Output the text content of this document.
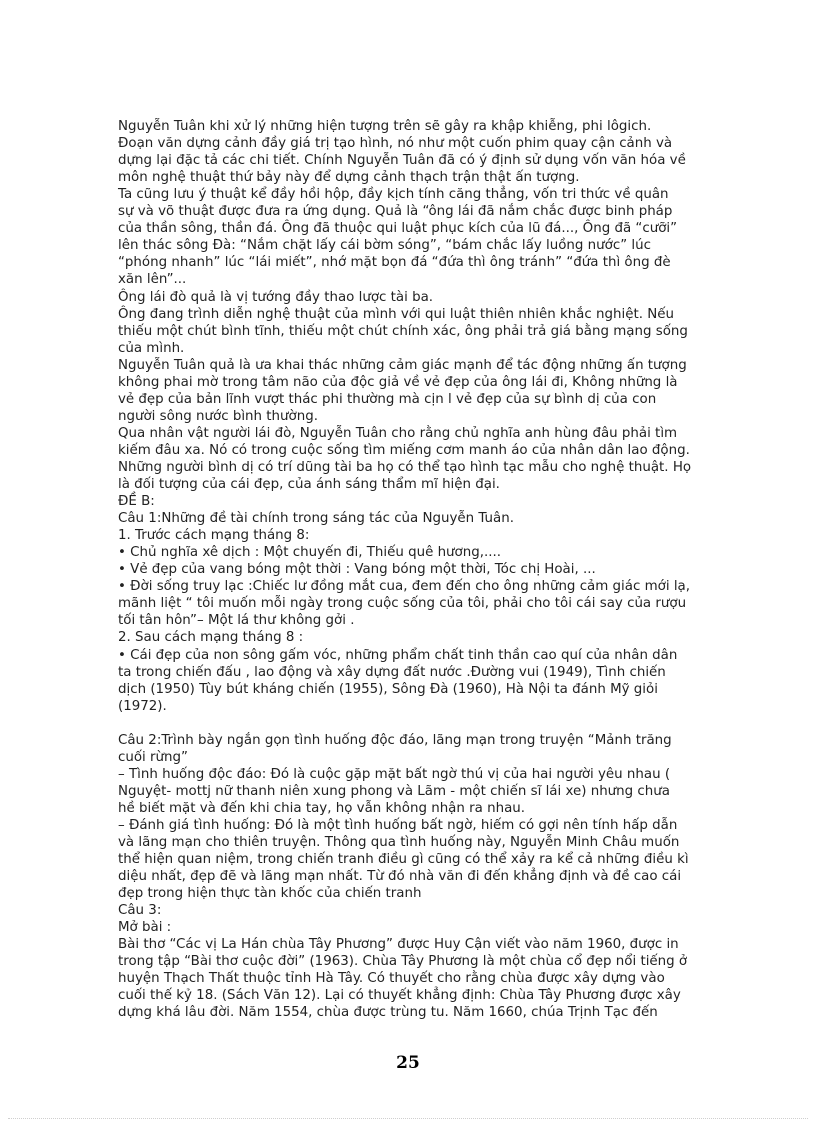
Nguyễn Tuân khi xử lý những hiện tượng trên sẽ gây ra khập khiễng, phi lôgich.
Đoạn văn dựng cảnh đầy giá trị tạo hình, nó như một cuốn phim quay cận cảnh và
dựng lại đặc tả các chi tiết. Chính Nguyễn Tuân đã có ý định sử dụng vốn văn hóa về
môn nghệ thuật thứ bảy này để dựng cảnh thạch trận thật ấn tượng.
Ta cũng lưu ý thuật kể đầy hồi hộp, đầy kịch tính căng thẳng, vốn tri thức về quân
sự và võ thuật được đưa ra ứng dụng. Quả là “ông lái đã nắm chắc được binh pháp
của thần sông, thần đá. Ông đã thuộc qui luật phục kích của lũ đá..., Ông đã “cưỡi”
lên thác sông Đà: “Nắm chặt lấy cái bờm sóng”, “bám chắc lấy luồng nước” lúc
“phóng nhanh” lúc “lái miết”, nhớ mặt bọn đá “đứa thì ông tránh” “đứa thì ông đè
xăn lên”...
Ông lái đò quả là vị tướng đầy thao lược tài ba.
Ông đang trình diễn nghệ thuật của mình với qui luật thiên nhiên khắc nghiệt. Nếu
thiếu một chút bình tĩnh, thiếu một chút chính xác, ông phải trả giá bằng mạng sống
của mình.
Nguyễn Tuân quả là ưa khai thác những cảm giác mạnh để tác động những ấn tượng
không phai mờ trong tâm não của độc giả về vẻ đẹp của ông lái đi, Không những là
vẻ đẹp của bản lĩnh vượt thác phi thường mà cịn l vẻ đẹp của sự bình dị của con
người sông nước bình thường.
Qua nhân vật người lái đò, Nguyễn Tuân cho rằng chủ nghĩa anh hùng đâu phải tìm
kiếm đâu xa. Nó có trong cuộc sống tìm miếng cơm manh áo của nhân dân lao động.
Những người bình dị có trí dũng tài ba họ có thể tạo hình tạc mẫu cho nghệ thuật. Họ
là đối tượng của cái đẹp, của ánh sáng thẩm mĩ hiện đại.
ĐỀ B:
Câu 1:Những đề tài chính trong sáng tác của Nguyễn Tuân.
1. Trước cách mạng tháng 8:
• Chủ nghĩa xê dịch : Một chuyến đi, Thiếu quê hương,....
• Vẻ đẹp của vang bóng một thời : Vang bóng một thời, Tóc chị Hoài, ...
• Đời sống truy lạc :Chiếc lư đồng mắt cua, đem đến cho ông những cảm giác mới lạ,
mãnh liệt “ tôi muốn mỗi ngày trong cuộc sống của tôi, phải cho tôi cái say của rượu
tối tân hôn”– Một lá thư không gởi .
2. Sau cách mạng tháng 8 :
• Cái đẹp của non sông gấm vóc, những phẩm chất tinh thần cao quí của nhân dân
ta trong chiến đấu , lao động và xây dựng đất nước .Đường vui (1949), Tình chiến
dịch (1950) Tùy bút kháng chiến (1955), Sông Đà (1960), Hà Nội ta đánh Mỹ giỏi
(1972).
Câu 2:Trình bày ngắn gọn tình huống độc đáo, lãng mạn trong truyện “Mảnh trăng
cuối rừng”
– Tình huống độc đáo: Đó là cuộc gặp mặt bất ngờ thú vị của hai người yêu nhau (
Nguyệt- mottj nữ thanh niên xung phong và Lãm - một chiến sĩ lái xe) nhưng chưa
hề biết mặt và đến khi chia tay, họ vẫn không nhận ra nhau.
– Đánh giá tình huống: Đó là một tình huống bất ngờ, hiếm có gợi nên tính hấp dẫn
và lãng mạn cho thiên truyện. Thông qua tình huống này, Nguyễn Minh Châu muốn
thể hiện quan niệm, trong chiến tranh điều gì cũng có thể xảy ra kể cả những điều kì
diệu nhất, đẹp đẽ và lãng mạn nhất. Từ đó nhà văn đi đến khẳng định và đề cao cái
đẹp trong hiện thực tàn khốc của chiến tranh
Câu 3:
Mở bài :
Bài thơ “Các vị La Hán chùa Tây Phương” được Huy Cận viết vào năm 1960, được in
trong tập “Bài thơ cuộc đời” (1963). Chùa Tây Phương là một chùa cổ đẹp nổi tiếng ở
huyện Thạch Thất thuộc tỉnh Hà Tây. Có thuyết cho rằng chùa được xây dựng vào
cuối thế kỷ 18. (Sách Văn 12). Lại có thuyết khẳng định: Chùa Tây Phương được xây
dựng khá lâu đời. Năm 1554, chùa được trùng tu. Năm 1660, chúa Trịnh Tạc đến
25
